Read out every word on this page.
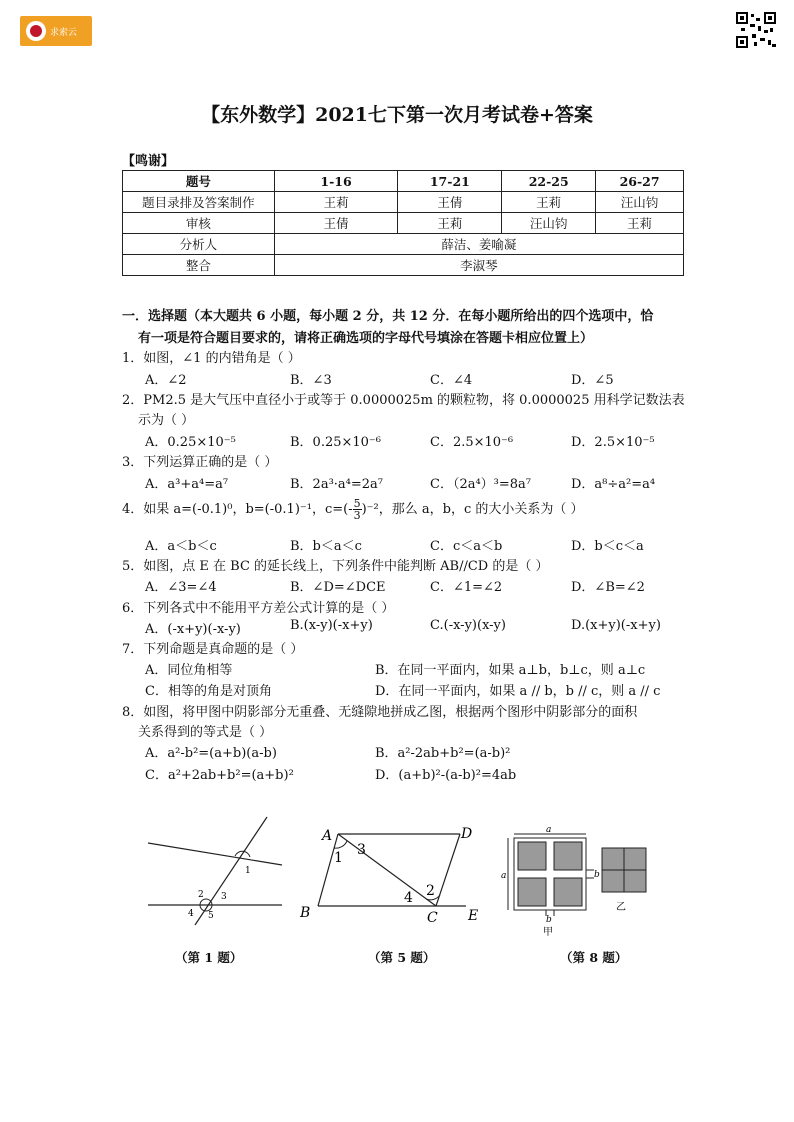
求索云
【东外数学】2021七下第一次月考试卷+答案
【鸣谢】
题号	1-16	17-21	22-25	26-27
题目录排及答案制作	王莉	王倩	王莉	汪山钧
审核	王倩	王莉	汪山钧	王莉
分析人	薛洁、姜喻凝			
整合	李淑琴			
一．选择题（本大题共 6 小题，每小题 2 分，共 12 分．在每小题所给出的四个选项中，恰
有一项是符合题目要求的，请将正确选项的字母代号填涂在答题卡相应位置上）
1．如图，∠1 的内错角是（ ）
A．∠2	B．∠3	C．∠4	D．∠5
2．PM2.5 是大气压中直径小于或等于 0.0000025m 的颗粒物，将 0.0000025 用科学记数法表
示为（ ）
A．0.25×10⁻⁵	B．0.25×10⁻⁶	C．2.5×10⁻⁶	D．2.5×10⁻⁵
3．下列运算正确的是（ ）
A．a³+a⁴=a⁷	B．2a³·a⁴=2a⁷	C．（2a⁴）³=8a⁷	D．a⁸÷a²=a⁴
4．如果 a=(-0.1)⁰，b=(-0.1)⁻¹，$c=(- \frac{5}{3} )^{-2}$，那么 a，b，c 的大小关系为（ ）
A．a＜b＜c	B．b＜a＜c	C．c＜a＜b	D．b＜c＜a
5．如图，点 E 在 BC 的延长线上，下列条件中能判断 AB//CD 的是（ ）
A．∠3=∠4	B．∠D=∠DCE	C．∠1=∠2	D．∠B=∠2
6．下列各式中不能用平方差公式计算的是（ ）
A．(-x+y)(-x-y)	B.(x-y)(-x+y)	C.(-x-y)(x-y)	D.(x+y)(-x+y)
7．下列命题是真命题的是（ ）
A．同位角相等	B．在同一平面内，如果 a⊥b，b⊥c，则 a⊥c
C．相等的角是对顶角	D．在同一平面内，如果 a // b，b // c，则 a // c
8．如图，将甲图中阴影部分无重叠、无缝隙地拼成乙图，根据两个图形中阴影部分的面积
关系得到的等式是（ ）
A．a²-b²=(a+b)(a-b)	B．a²-2ab+b²=(a-b)²
C．a²+2ab+b²=(a+b)²	D．(a+b)²-(a-b)²=4ab
1
2 3
4 5
（第 1 题）
A
B	C
D
E
1
2
3
4
（第 5 题）
a
a	b
b
甲
乙
（第 8 题）
